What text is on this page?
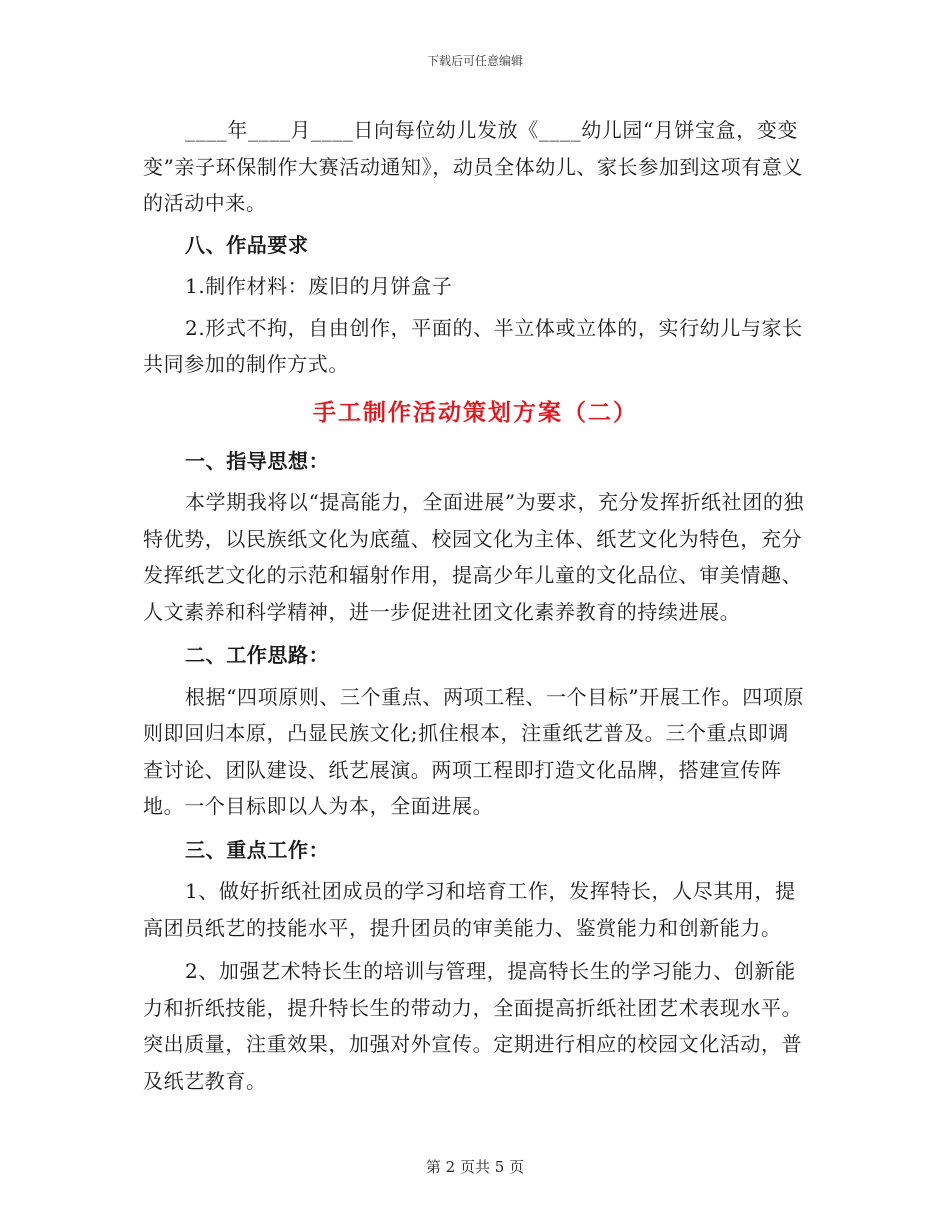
下载后可任意编辑

____年____月____日向每位幼儿发放《____幼儿园“月饼宝盒，变变变”亲子环保制作大赛活动通知》，动员全体幼儿、家长参加到这项有意义的活动中来。

八、作品要求

1.制作材料：废旧的月饼盒子

2.形式不拘，自由创作，平面的、半立体或立体的，实行幼儿与家长共同参加的制作方式。

手工制作活动策划方案（二）

一、指导思想：

本学期我将以“提高能力，全面进展”为要求，充分发挥折纸社团的独特优势，以民族纸文化为底蕴、校园文化为主体、纸艺文化为特色，充分发挥纸艺文化的示范和辐射作用，提高少年儿童的文化品位、审美情趣、人文素养和科学精神，进一步促进社团文化素养教育的持续进展。

二、工作思路：

根据“四项原则、三个重点、两项工程、一个目标”开展工作。四项原则即回归本原，凸显民族文化;抓住根本，注重纸艺普及。三个重点即调查讨论、团队建设、纸艺展演。两项工程即打造文化品牌，搭建宣传阵地。一个目标即以人为本，全面进展。

三、重点工作：

1、做好折纸社团成员的学习和培育工作，发挥特长，人尽其用，提高团员纸艺的技能水平，提升团员的审美能力、鉴赏能力和创新能力。

2、加强艺术特长生的培训与管理，提高特长生的学习能力、创新能力和折纸技能，提升特长生的带动力，全面提高折纸社团艺术表现水平。突出质量，注重效果，加强对外宣传。定期进行相应的校园文化活动，普及纸艺教育。

第 2 页共 5 页
